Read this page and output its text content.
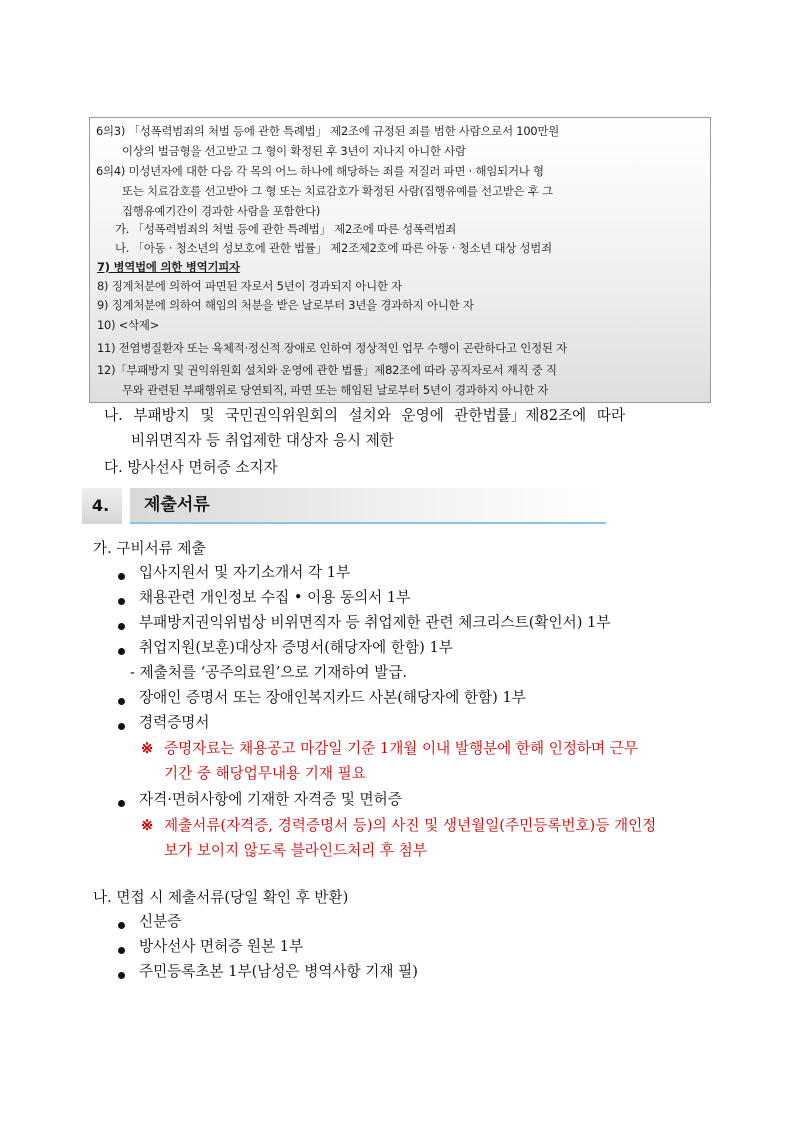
6의3) 「성폭력범죄의 처벌 등에 관한 특례법」 제2조에 규정된 죄를 범한 사람으로서 100만원
이상의 벌금형을 선고받고 그 형이 확정된 후 3년이 지나지 아니한 사람
6의4) 미성년자에 대한 다음 각 목의 어느 하나에 해당하는 죄를 저질러 파면 · 해임되거나 형
또는 치료감호를 선고받아 그 형 또는 치료감호가 확정된 사람(집행유예를 선고받은 후 그
집행유예기간이 경과한 사람을 포함한다)
가. 「성폭력범죄의 처벌 등에 관한 특례법」 제2조에 따른 성폭력범죄
나. 「아동 · 청소년의 성보호에 관한 법률」 제2조제2호에 따른 아동 · 청소년 대상 성범죄
7) 병역법에 의한 병역기피자
8) 징계처분에 의하여 파면된 자로서 5년이 경과되지 아니한 자
9) 징계처분에 의하여 해임의 처분을 받은 날로부터 3년을 경과하지 아니한 자
10) <삭제>
11) 전염병질환자 또는 육체적·정신적 장애로 인하여 정상적인 업무 수행이 곤란하다고 인정된 자
12)「부패방지 및 권익위원회 설치와 운영에 관한 법률」제82조에 따라 공직자로서 재직 중 직
무와 관련된 부패행위로 당연퇴직, 파면 또는 해임된 날로부터 5년이 경과하지 아니한 자
나. 부패방지 및 국민권익위원회의 설치와 운영에 관한법률」제82조에 따라
비위면직자 등 취업제한 대상자 응시 제한
다. 방사선사 면허증 소지자
4.	제출서류
가. 구비서류 제출
입사지원서 및 자기소개서 각 1부
채용관련 개인정보 수집 • 이용 동의서 1부
부패방지권익위법상 비위면직자 등 취업제한 관련 체크리스트(확인서) 1부
취업지원(보훈)대상자 증명서(해당자에 한함) 1부
- 제출처를 ‘공주의료원’으로 기재하여 발급.
장애인 증명서 또는 장애인복지카드 사본(해당자에 한함) 1부
경력증명서
※ 증명자료는 채용공고 마감일 기준 1개월 이내 발행분에 한해 인정하며 근무
기간 중 해당업무내용 기재 필요
자격·면허사항에 기재한 자격증 및 면허증
※ 제출서류(자격증, 경력증명서 등)의 사진 및 생년월일(주민등록번호)등 개인정
보가 보이지 않도록 블라인드처리 후 첨부
나. 면접 시 제출서류(당일 확인 후 반환)
신분증
방사선사 면허증 원본 1부
주민등록초본 1부(남성은 병역사항 기재 필)
